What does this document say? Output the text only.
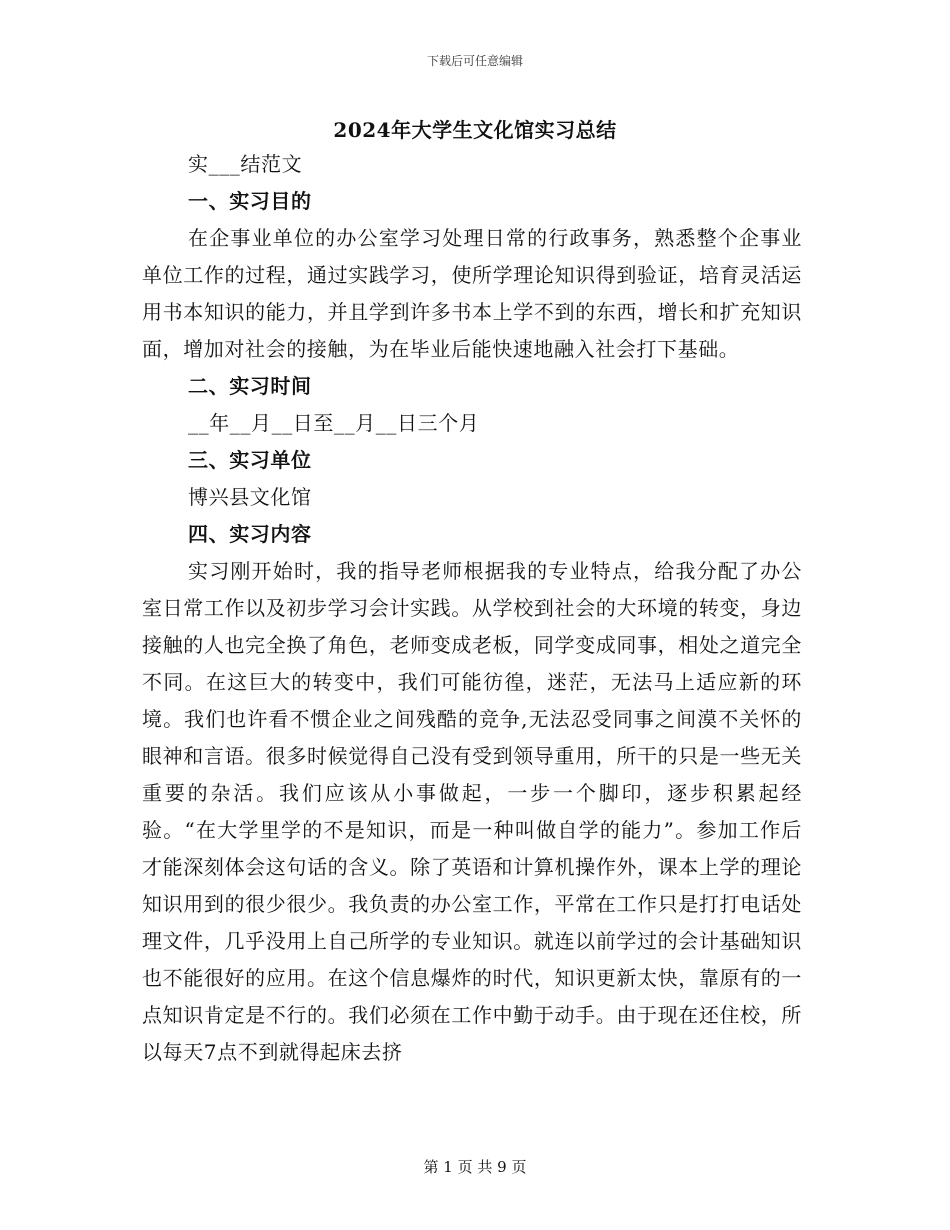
下载后可任意编辑
2024年大学生文化馆实习总结
实___结范文
一、实习目的

在企事业单位的办公室学习处理日常的行政事务，熟悉整个企事业单位工作的过程，通过实践学习，使所学理论知识得到验证，培育灵活运用书本知识的能力，并且学到许多书本上学不到的东西，增长和扩充知识面，增加对社会的接触，为在毕业后能快速地融入社会打下基础。

二、实习时间
__年__月__日至__月__日三个月
三、实习单位
博兴县文化馆
四、实习内容

实习刚开始时，我的指导老师根据我的专业特点，给我分配了办公室日常工作以及初步学习会计实践。从学校到社会的大环境的转变，身边接触的人也完全换了角色，老师变成老板，同学变成同事，相处之道完全不同。在这巨大的转变中，我们可能彷徨，迷茫，无法马上适应新的环境。我们也许看不惯企业之间残酷的竞争,无法忍受同事之间漠不关怀的眼神和言语。很多时候觉得自己没有受到领导重用，所干的只是一些无关重要的杂活。我们应该从小事做起，一步一个脚印，逐步积累起经验。“在大学里学的不是知识，而是一种叫做自学的能力”。参加工作后才能深刻体会这句话的含义。除了英语和计算机操作外，课本上学的理论知识用到的很少很少。我负责的办公室工作，平常在工作只是打打电话处理文件，几乎没用上自己所学的专业知识。就连以前学过的会计基础知识也不能很好的应用。在这个信息爆炸的时代，知识更新太快，靠原有的一点知识肯定是不行的。我们必须在工作中勤于动手。由于现在还住校，所以每天7点不到就得起床去挤

第 1 页 共 9 页
